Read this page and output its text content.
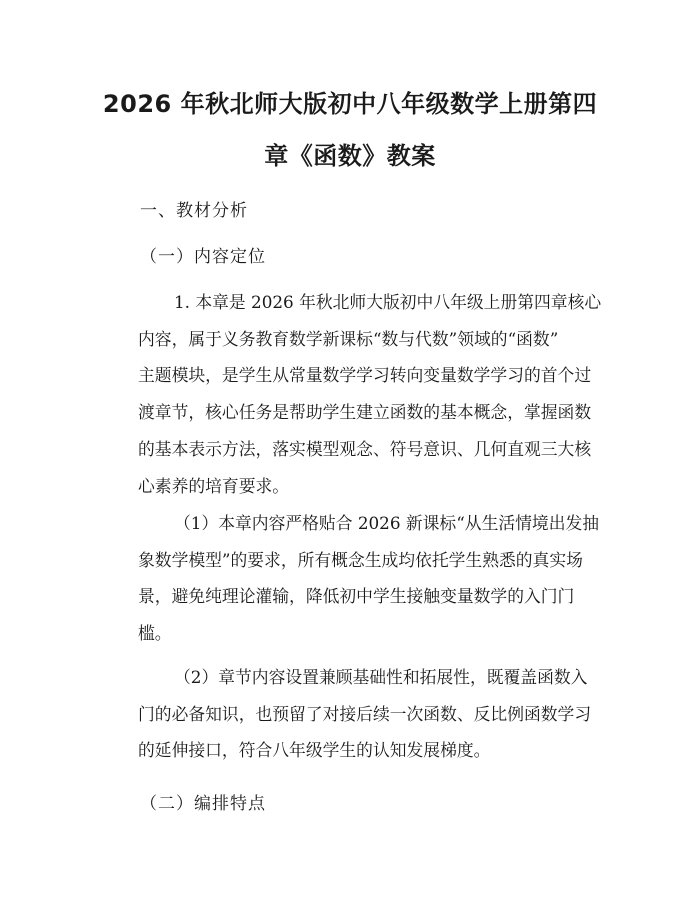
2026 年秋北师大版初中八年级数学上册第四
章《函数》教案
一、教材分析
（一）内容定位
1. 本章是 2026 年秋北师大版初中八年级上册第四章核心
内容，属于义务教育数学新课标“数与代数”领域的“函数”
主题模块，是学生从常量数学学习转向变量数学学习的首个过
渡章节，核心任务是帮助学生建立函数的基本概念，掌握函数
的基本表示方法，落实模型观念、符号意识、几何直观三大核
心素养的培育要求。
（1）本章内容严格贴合 2026 新课标“从生活情境出发抽
象数学模型”的要求，所有概念生成均依托学生熟悉的真实场
景，避免纯理论灌输，降低初中学生接触变量数学的入门门
槛。
（2）章节内容设置兼顾基础性和拓展性，既覆盖函数入
门的必备知识，也预留了对接后续一次函数、反比例函数学习
的延伸接口，符合八年级学生的认知发展梯度。
（二）编排特点
